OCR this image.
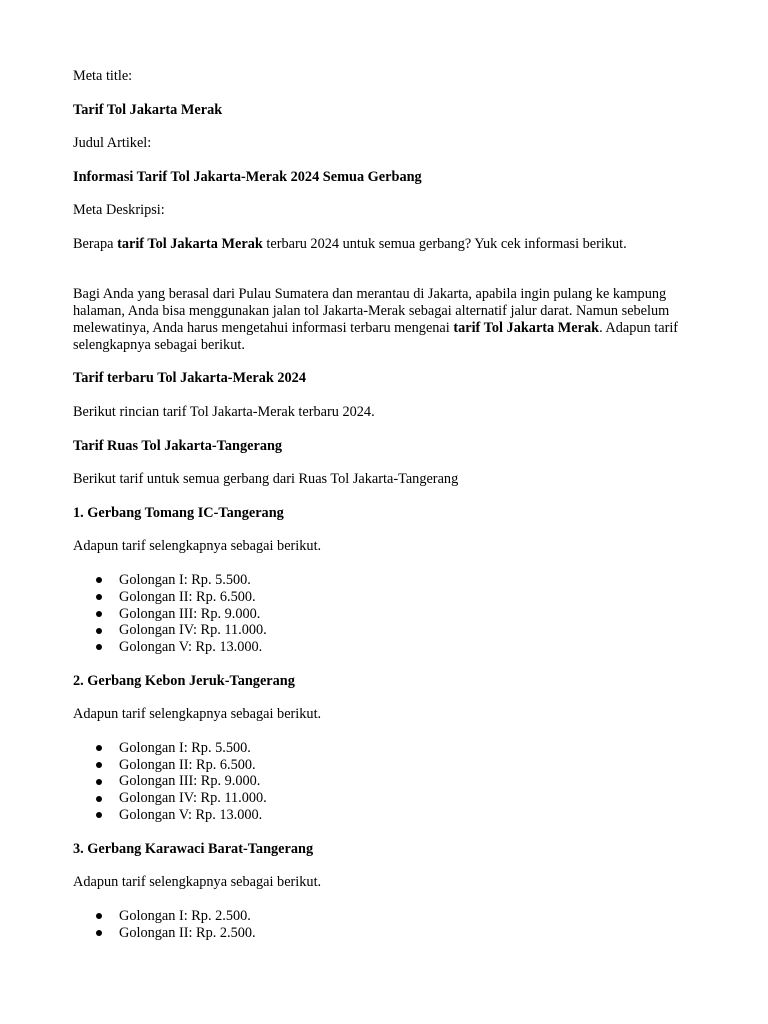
Meta title:

Tarif Tol Jakarta Merak

Judul Artikel:

Informasi Tarif Tol Jakarta-Merak 2024 Semua Gerbang

Meta Deskripsi:

Berapa tarif Tol Jakarta Merak terbaru 2024 untuk semua gerbang? Yuk cek informasi berikut.

Bagi Anda yang berasal dari Pulau Sumatera dan merantau di Jakarta, apabila ingin pulang ke kampung halaman, Anda bisa menggunakan jalan tol Jakarta-Merak sebagai alternatif jalur darat. Namun sebelum melewatinya, Anda harus mengetahui informasi terbaru mengenai tarif Tol Jakarta Merak. Adapun tarif selengkapnya sebagai berikut.

Tarif terbaru Tol Jakarta-Merak 2024

Berikut rincian tarif Tol Jakarta-Merak terbaru 2024.

Tarif Ruas Tol Jakarta-Tangerang

Berikut tarif untuk semua gerbang dari Ruas Tol Jakarta-Tangerang

1. Gerbang Tomang IC-Tangerang

Adapun tarif selengkapnya sebagai berikut.

Golongan I: Rp. 5.500.
Golongan II: Rp. 6.500.
Golongan III: Rp. 9.000.
Golongan IV: Rp. 11.000.
Golongan V: Rp. 13.000.

2. Gerbang Kebon Jeruk-Tangerang

Adapun tarif selengkapnya sebagai berikut.

Golongan I: Rp. 5.500.
Golongan II: Rp. 6.500.
Golongan III: Rp. 9.000.
Golongan IV: Rp. 11.000.
Golongan V: Rp. 13.000.

3. Gerbang Karawaci Barat-Tangerang

Adapun tarif selengkapnya sebagai berikut.

Golongan I: Rp. 2.500.
Golongan II: Rp. 2.500.
